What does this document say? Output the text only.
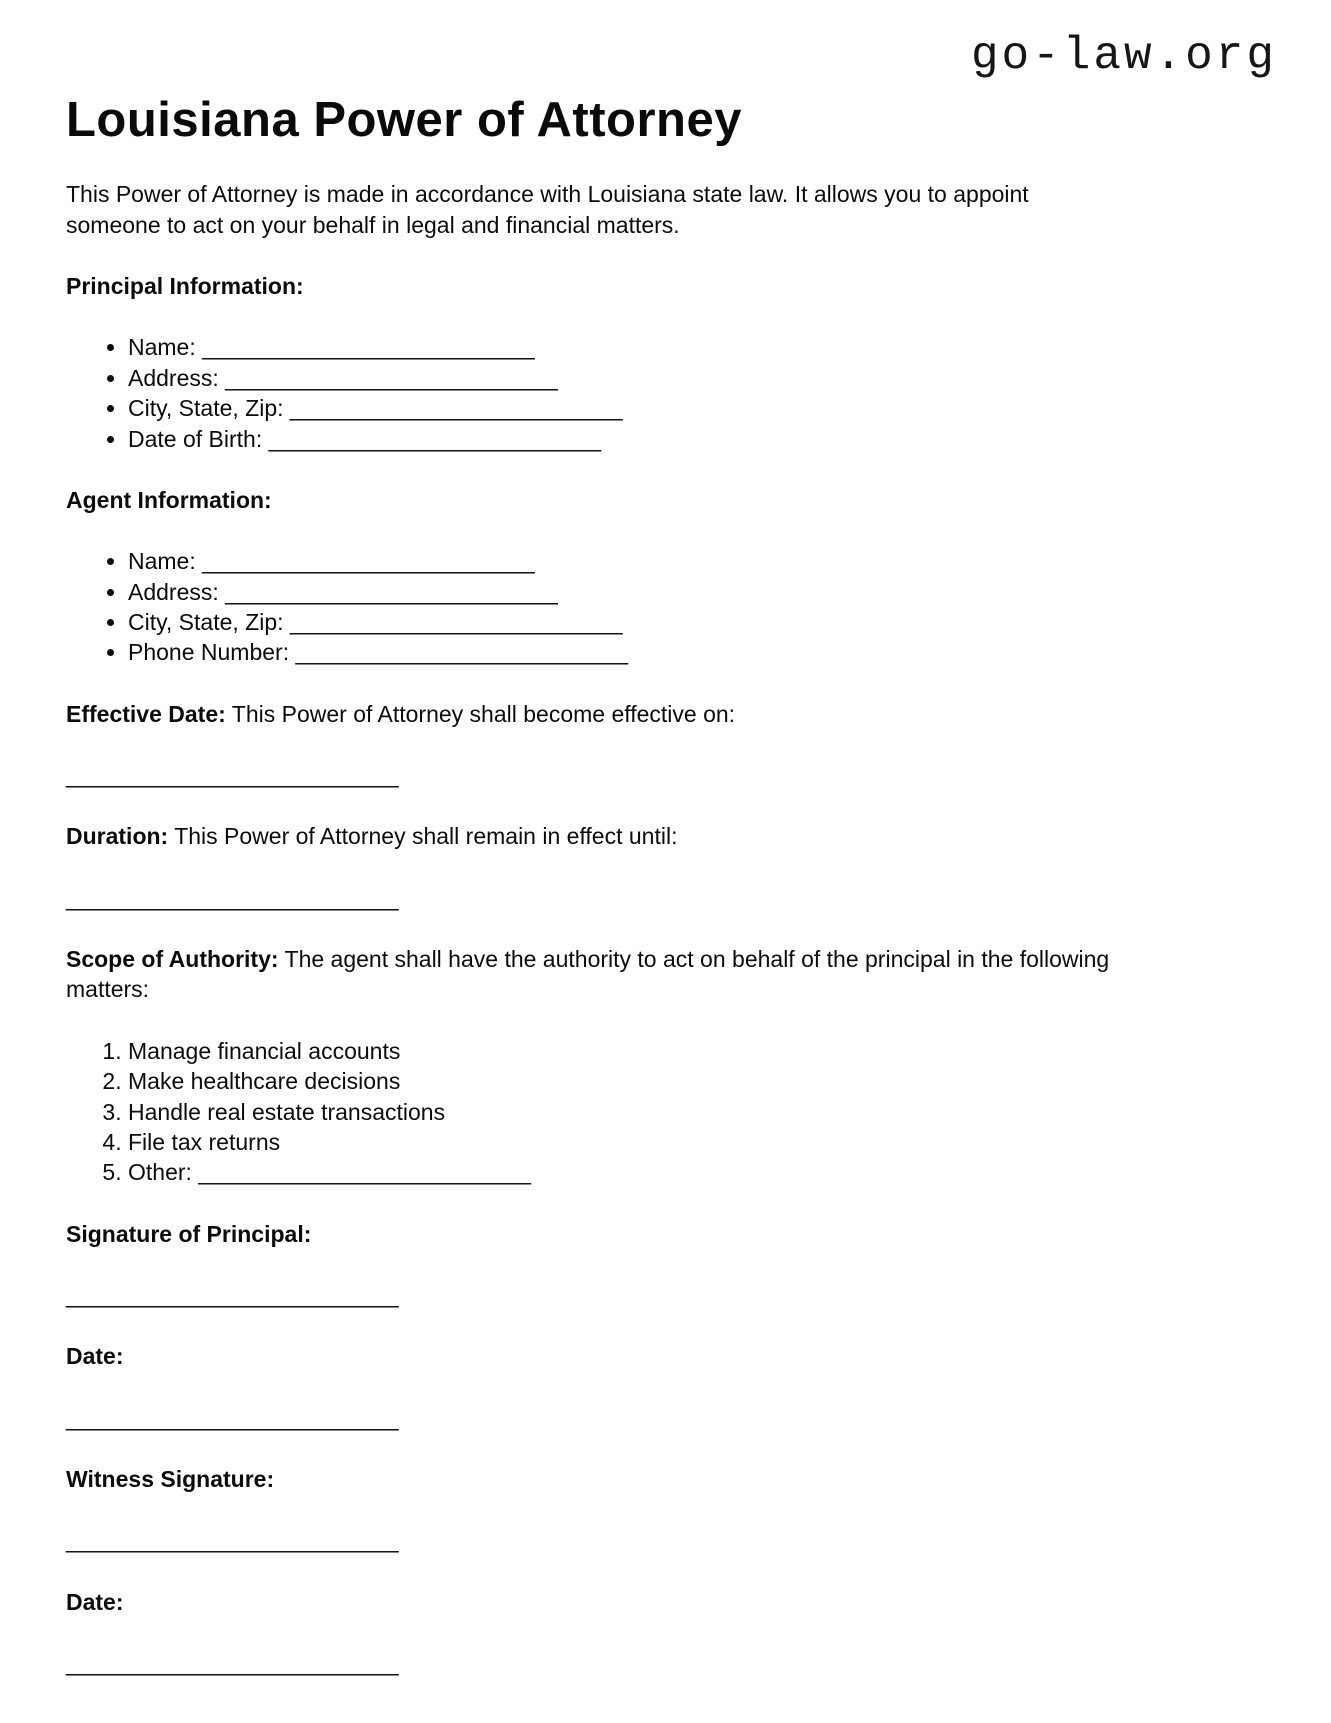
go-law.org
Louisiana Power of Attorney

This Power of Attorney is made in accordance with Louisiana state law. It allows you to appoint someone to act on your behalf in legal and financial matters.

Principal Information:

• Name: __________________________
• Address: __________________________
• City, State, Zip: __________________________
• Date of Birth: __________________________

Agent Information:

• Name: __________________________
• Address: __________________________
• City, State, Zip: __________________________
• Phone Number: __________________________

Effective Date: This Power of Attorney shall become effective on:

__________________________

Duration: This Power of Attorney shall remain in effect until:

__________________________

Scope of Authority: The agent shall have the authority to act on behalf of the principal in the following matters:

1. Manage financial accounts
2. Make healthcare decisions
3. Handle real estate transactions
4. File tax returns
5. Other: __________________________

Signature of Principal:

__________________________

Date:

__________________________

Witness Signature:

__________________________

Date:

__________________________
